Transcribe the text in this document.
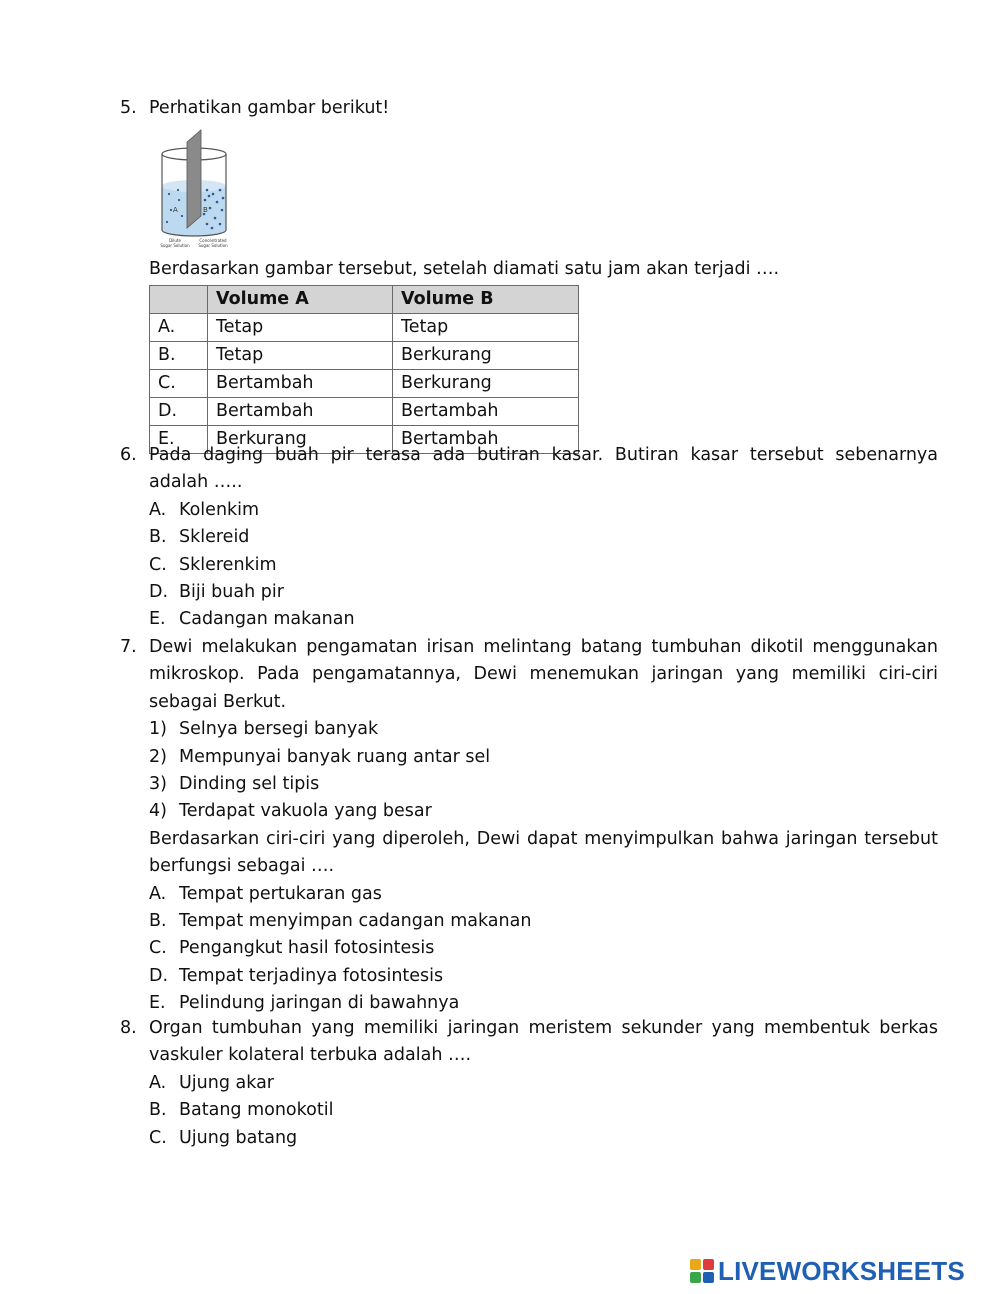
5. Perhatikan gambar berikut!
A	B
Dilute
Sugar Solution
Concentrated
Sugar Solution
Berdasarkan gambar tersebut, setelah diamati satu jam akan terjadi ….
	Volume A	Volume B
A.	Tetap	Tetap
B.	Tetap	Berkurang
C.	Bertambah	Berkurang
D.	Bertambah	Bertambah
E.	Berkurang	Bertambah
6. Pada daging buah pir terasa ada butiran kasar. Butiran kasar tersebut sebenarnya
adalah …..
A. Kolenkim
B. Sklereid
C. Sklerenkim
D. Biji buah pir
E. Cadangan makanan
7. Dewi melakukan pengamatan irisan melintang batang tumbuhan dikotil menggunakan
mikroskop. Pada pengamatannya, Dewi menemukan jaringan yang memiliki ciri-ciri
sebagai Berkut.
1) Selnya bersegi banyak
2) Mempunyai banyak ruang antar sel
3) Dinding sel tipis
4) Terdapat vakuola yang besar
Berdasarkan ciri-ciri yang diperoleh, Dewi dapat menyimpulkan bahwa jaringan tersebut
berfungsi sebagai ….
A. Tempat pertukaran gas
B. Tempat menyimpan cadangan makanan
C. Pengangkut hasil fotosintesis
D. Tempat terjadinya fotosintesis
E. Pelindung jaringan di bawahnya
8. Organ tumbuhan yang memiliki jaringan meristem sekunder yang membentuk berkas
vaskuler kolateral terbuka adalah ….
A. Ujung akar
B. Batang monokotil
C. Ujung batang
LIVEWORKSHEETS
